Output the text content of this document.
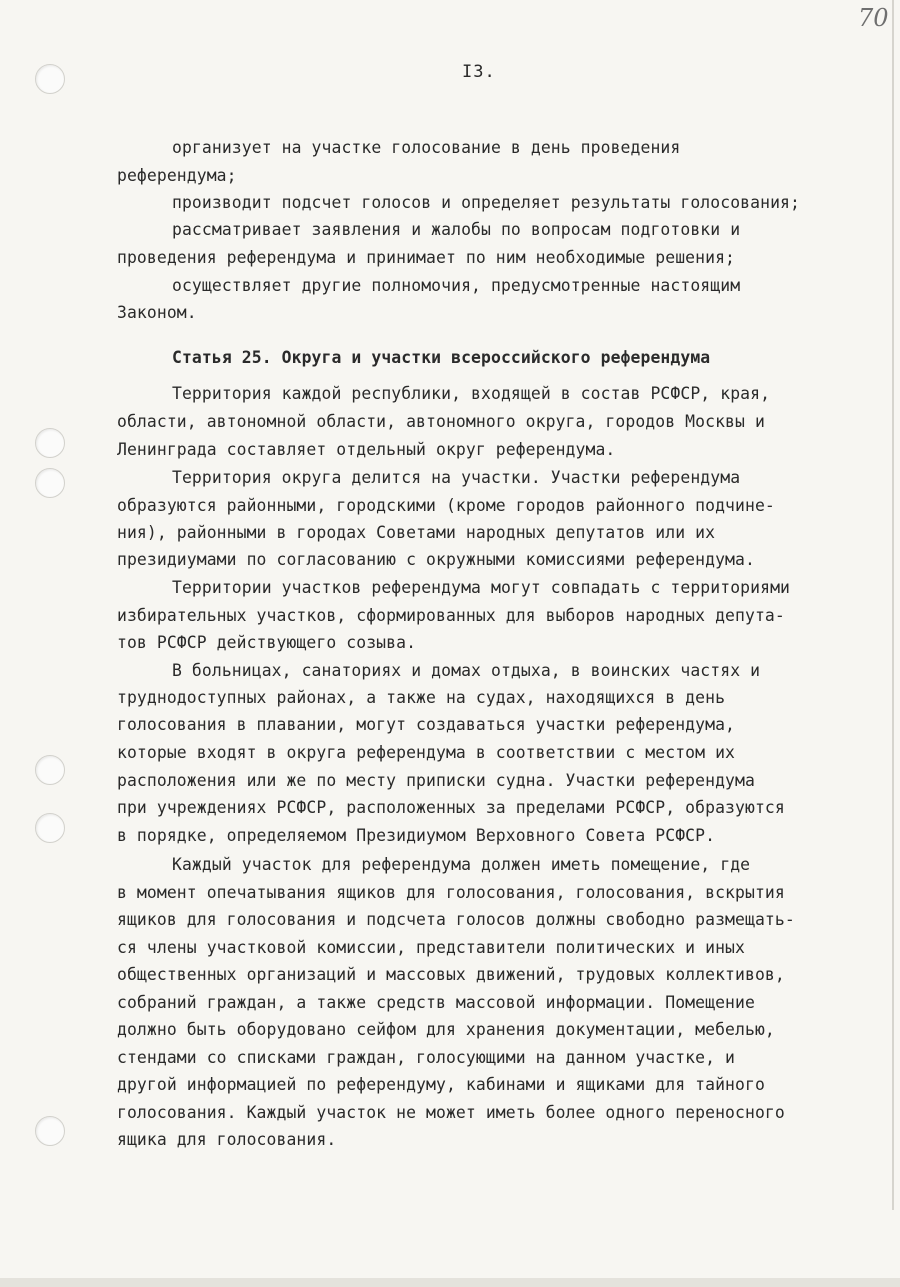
70
I3.
организует на участке голосование в день проведения
референдума;
производит подсчет голосов и определяет результаты голосования;
рассматривает заявления и жалобы по вопросам подготовки и
проведения референдума и принимает по ним необходимые решения;
осуществляет другие полномочия, предусмотренные настоящим
Законом.
Статья 25. Округа и участки всероссийского референдума
Территория каждой республики, входящей в состав РСФСР, края,
области, автономной области, автономного округа, городов Москвы и
Ленинграда составляет отдельный округ референдума.
Территория округа делится на участки. Участки референдума
образуются районными, городскими (кроме городов районного подчине-
ния), районными в городах Советами народных депутатов или их
президиумами по согласованию с окружными комиссиями референдума.
Территории участков референдума могут совпадать с территориями
избирательных участков, сформированных для выборов народных депута-
тов РСФСР действующего созыва.
В больницах, санаториях и домах отдыха, в воинских частях и
труднодоступных районах, а также на судах, находящихся в день
голосования в плавании, могут создаваться участки референдума,
которые входят в округа референдума в соответствии с местом их
расположения или же по месту приписки судна. Участки референдума
при учреждениях РСФСР, расположенных за пределами РСФСР, образуются
в порядке, определяемом Президиумом Верховного Совета РСФСР.
Каждый участок для референдума должен иметь помещение, где
в момент опечатывания ящиков для голосования, голосования, вскрытия
ящиков для голосования и подсчета голосов должны свободно размещать-
ся члены участковой комиссии, представители политических и иных
общественных организаций и массовых движений, трудовых коллективов,
собраний граждан, а также средств массовой информации. Помещение
должно быть оборудовано сейфом для хранения документации, мебелью,
стендами со списками граждан, голосующими на данном участке, и
другой информацией по референдуму, кабинами и ящиками для тайного
голосования. Каждый участок не может иметь более одного переносного
ящика для голосования.
